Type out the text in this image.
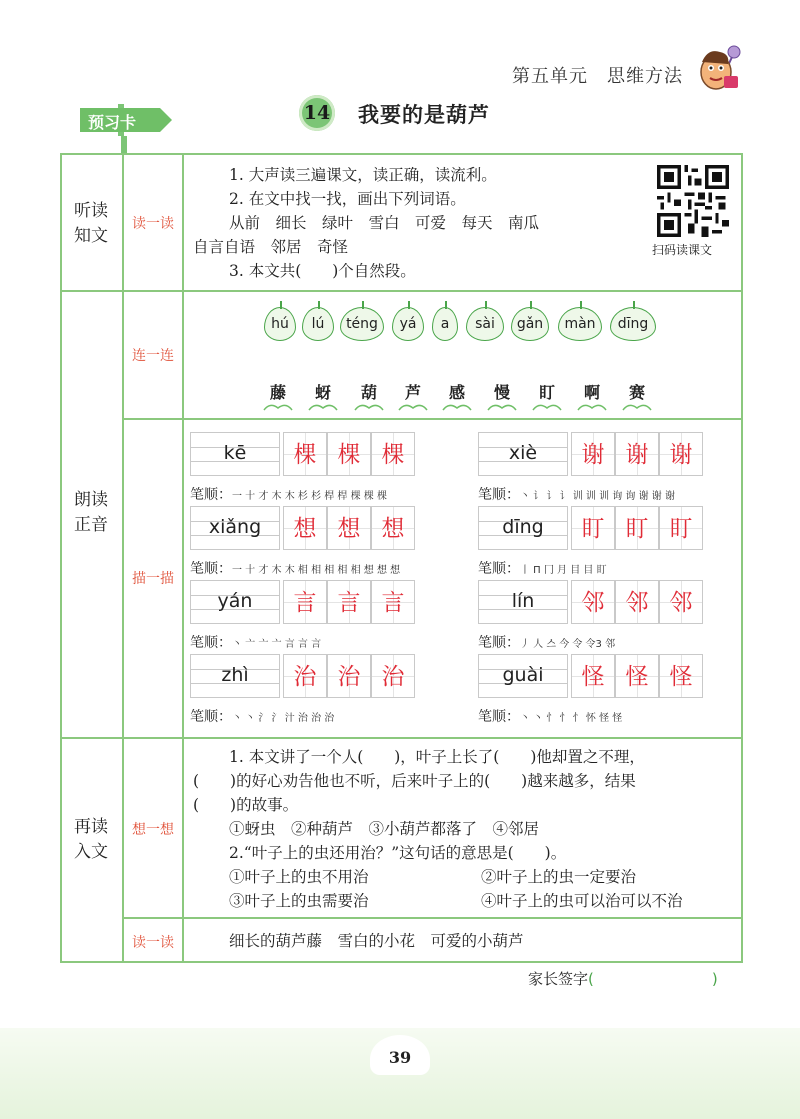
第五单元　思维方法
预习卡	14 我要的是葫芦
听读
知文
读一读
1. 大声读三遍课文，读正确，读流利。
2. 在文中找一找，画出下列词语。
从前　细长　绿叶　雪白　可爱　每天　南瓜
自言自语　邻居　奇怪
3. 本文共(　　)个自然段。
扫码读课文
朗读
正音
连一连
描一描
hú	lú	téng	yá	a	sài	gǎn	màn	dīng
藤	蚜	葫	芦	感	慢	盯	啊	赛
kē	棵 棵 棵
笔顺：一 十 才 木 木 杉 杉 桿 桿 棵 棵 棵
xiè	谢 谢 谢
笔顺：丶 讠 讠 讠 训 训 训 询 询 谢 谢 谢
xiǎng	想 想 想
笔顺：一 十 才 木 木 相 相 相 相 相 想 想 想
dīng	盯 盯 盯
笔顺：丨 П 冂 月 目 目 盯
yán	言 言 言
笔顺：丶 亠 亠 亠 言 言 言
lín	邻 邻 邻
笔顺：丿 人 스 今 令 令3 邻
zhì	治 治 治
笔顺：丶 丶 氵 氵 汁 治 治 治
guài	怪 怪 怪
笔顺：丶 丶 忄 忄 忄 怀 怪 怪
再读
入文
想一想
读一读
1. 本文讲了一个人(　　)，叶子上长了(　　)他却置之不理，
(　　)的好心劝告他也不听，后来叶子上的(　　)越来越多，结果
(　　)的故事。
①蚜虫　②种葫芦　③小葫芦都落了　④邻居
2.“叶子上的虫还用治？”这句话的意思是(　　)。
①叶子上的虫不用治	②叶子上的虫一定要治
③叶子上的虫需要治	④叶子上的虫可以治可以不治
细长的葫芦藤　雪白的小花　可爱的小葫芦
家长签字(	)
39
